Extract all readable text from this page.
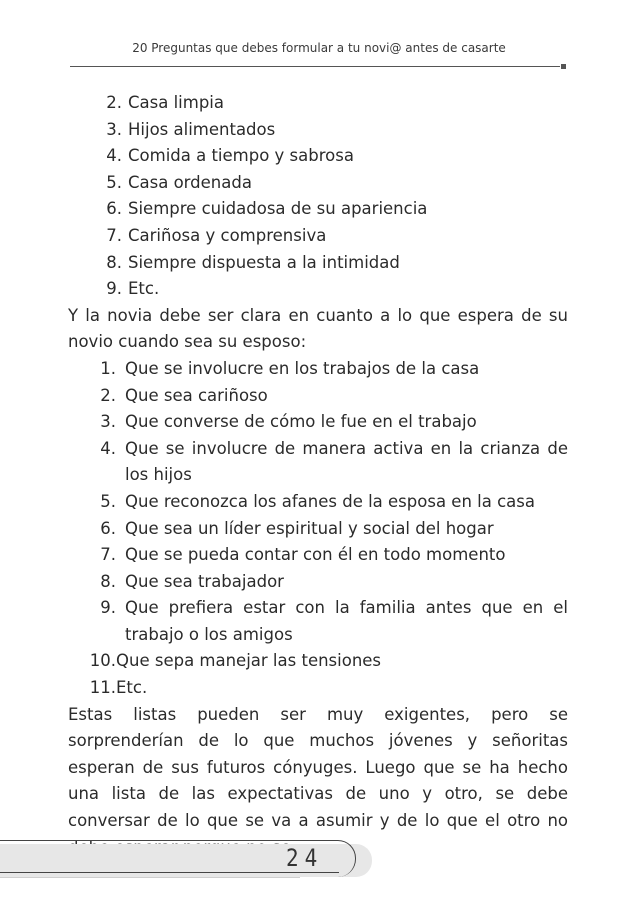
20 Preguntas que debes formular a tu novi@ antes de casarte
2. Casa limpia
3. Hijos alimentados
4. Comida a tiempo y sabrosa
5. Casa ordenada
6. Siempre cuidadosa de su apariencia
7. Cariñosa y comprensiva
8. Siempre dispuesta a la intimidad
9. Etc.

Y la novia debe ser clara en cuanto a lo que espera de su novio cuando sea su esposo:

1. Que se involucre en los trabajos de la casa
2. Que sea cariñoso
3. Que converse de cómo le fue en el trabajo
4. Que se involucre de manera activa en la crianza de los hijos
5. Que reconozca los afanes de la esposa en la casa
6. Que sea un líder espiritual y social del hogar
7. Que se pueda contar con él en todo momento
8. Que sea trabajador
9. Que prefiera estar con la familia antes que en el trabajo o los amigos
10. Que sepa manejar las tensiones
11. Etc.

Estas listas pueden ser muy exigentes, pero se sorprenderían de lo que muchos jóvenes y señoritas esperan de sus futuros cónyuges. Luego que se ha hecho una lista de las expectativas de uno y otro, se debe conversar de lo que se va a asumir y de lo que el otro no

24
